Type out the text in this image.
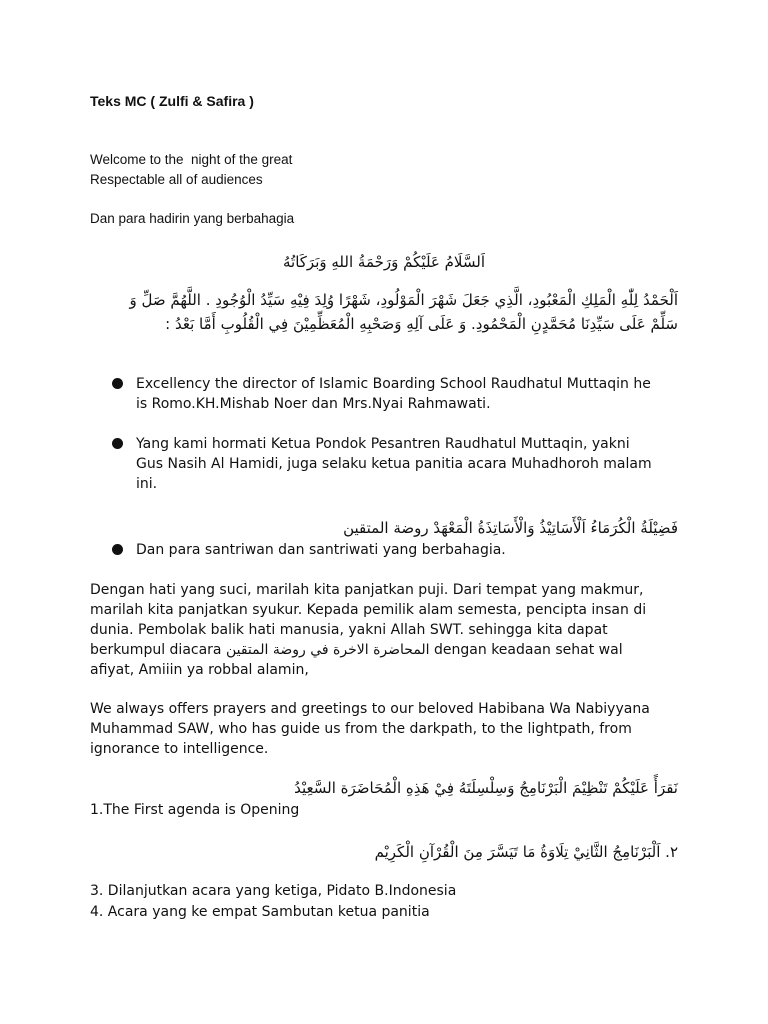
Teks MC ( Zulfi & Safira )
Welcome to the  night of the great
Respectable all of audiences
Dan para hadirin yang berbahagia
اَلسَّلَامُ عَلَيْكُمْ وَرَحْمَةُ اللهِ وَبَرَكَاتُهُ
اَلْحَمْدُ لِلّٰهِ الْمَلِكِ الْمَعْبُودِ، الَّذِي جَعَلَ شَهْرَ الْمَوْلُودِ، شَهْرًا وُلِدَ فِيْهِ سَيِّدُ الْوُجُودِ . اللَّهُمَّ صَلِّ وَ
سَلِّمْ عَلَى سَيِّدِنَا مُحَمَّدٍنِ الْمَحْمُودِ. وَ عَلَى آلِهِ وَصَحْبِهِ الْمُعَظِّمِيْنَ فِي الْقُلُوبِ أَمَّا بَعْدُ :
Excellency the director of Islamic Boarding School Raudhatul Muttaqin he
is Romo.KH.Mishab Noer dan Mrs.Nyai Rahmawati.
Yang kami hormati Ketua Pondok Pesantren Raudhatul Muttaqin, yakni
Gus Nasih Al Hamidi, juga selaku ketua panitia acara Muhadhoroh malam
ini.
فَضِيْلَةُ الْكُرَمَاءُ اَلْأَسَاتِيْذُ وَالْأَسَاتِذَةُ الْمَعْهَدْ روضة المتقين
Dan para santriwan dan santriwati yang berbahagia.
Dengan hati yang suci, marilah kita panjatkan puji. Dari tempat yang makmur,
marilah kita panjatkan syukur. Kepada pemilik alam semesta, pencipta insan di
dunia. Pembolak balik hati manusia, yakni Allah SWT. sehingga kita dapat
berkumpul diacara المحاضرة الاخرة في روضة المتقين dengan keadaan sehat wal
afiyat, Amiiin ya robbal alamin,
We always offers prayers and greetings to our beloved Habibana Wa Nabiyyana
Muhammad SAW, who has guide us from the darkpath, to the lightpath, from
ignorance to intelligence.
نَقرَأً عَلَيْكُمْ تَنْظِيْمَ الْبَرْنَامِجُ وَسِلْسِلَتَهُ فِيْ هَذِهِ الْمُحَاضَرَة السَّعِيْدُ
1.The First agenda is Opening
٢. اَلْبَرْنَامِجُ الثَّانِيْ تِلَاوَةُ مَا تَيَسَّرَ مِنَ الْقُرْآنِ الْكَرِيْم
3. Dilanjutkan acara yang ketiga, Pidato B.Indonesia
4. Acara yang ke empat Sambutan ketua panitia
